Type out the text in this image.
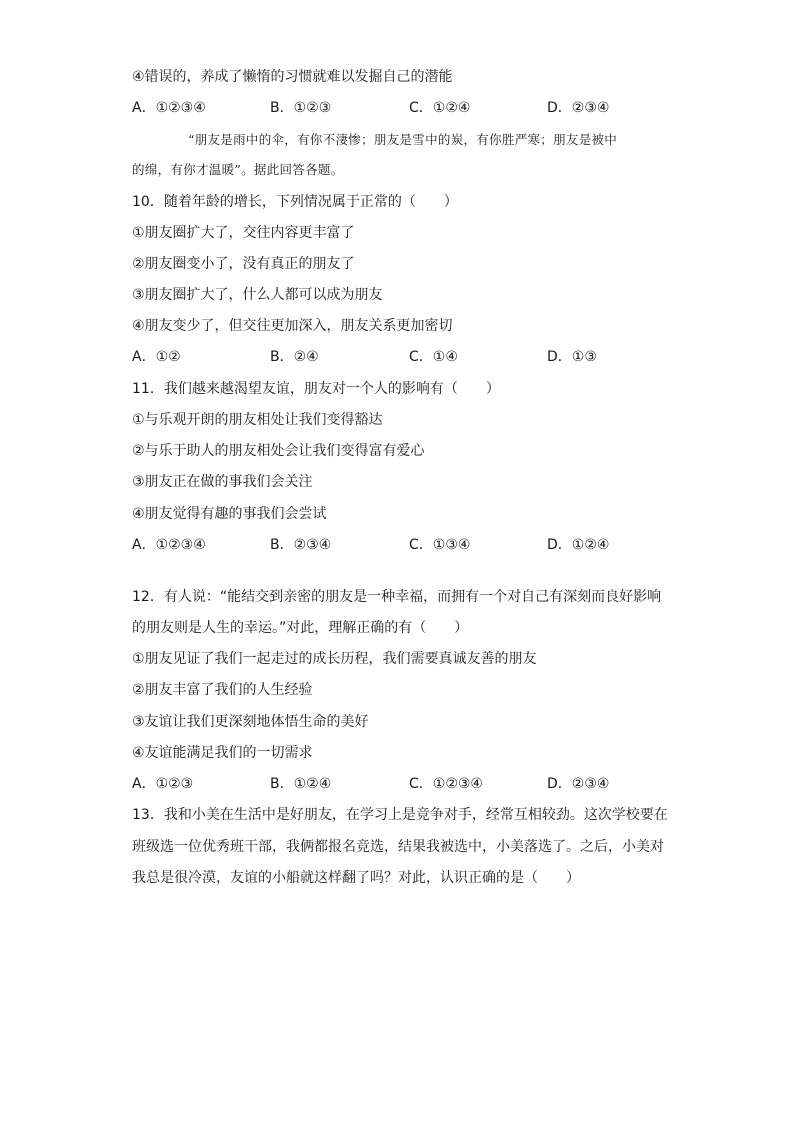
④错误的，养成了懒惰的习惯就难以发掘自己的潜能
A．①②③④	B．①②③	C．①②④	D．②③④
“朋友是雨中的伞，有你不淒惨；朋友是雪中的炭，有你胜严寒；朋友是被中
的绵，有你才温暖”。据此回答各题。
10．随着年龄的增长，下列情况属于正常的（　　）
①朋友圈扩大了，交往内容更丰富了
②朋友圈变小了，没有真正的朋友了
③朋友圈扩大了，什么人都可以成为朋友
④朋友变少了，但交往更加深入，朋友关系更加密切
A．①②	B．②④	C．①④	D．①③
11．我们越来越渴望友谊，朋友对一个人的影响有（　　）
①与乐观开朗的朋友相处让我们变得豁达
②与乐于助人的朋友相处会让我们变得富有爱心
③朋友正在做的事我们会关注
④朋友觉得有趣的事我们会尝试
A．①②③④	B．②③④	C．①③④	D．①②④
12．有人说：“能结交到亲密的朋友是一种幸福，而拥有一个对自己有深刻而良好影响
的朋友则是人生的幸运。”对此，理解正确的有（　　）
①朋友见证了我们一起走过的成长历程，我们需要真诚友善的朋友
②朋友丰富了我们的人生经验
③友谊让我们更深刻地体悟生命的美好
④友谊能满足我们的一切需求
A．①②③	B．①②④	C．①②③④	D．②③④
13．我和小美在生活中是好朋友，在学习上是竞争对手，经常互相较劲。这次学校要在
班级选一位优秀班干部，我俩都报名竞选，结果我被选中，小美落选了。之后，小美对
我总是很冷漠，友谊的小船就这样翻了吗？对此，认识正确的是（　　）
